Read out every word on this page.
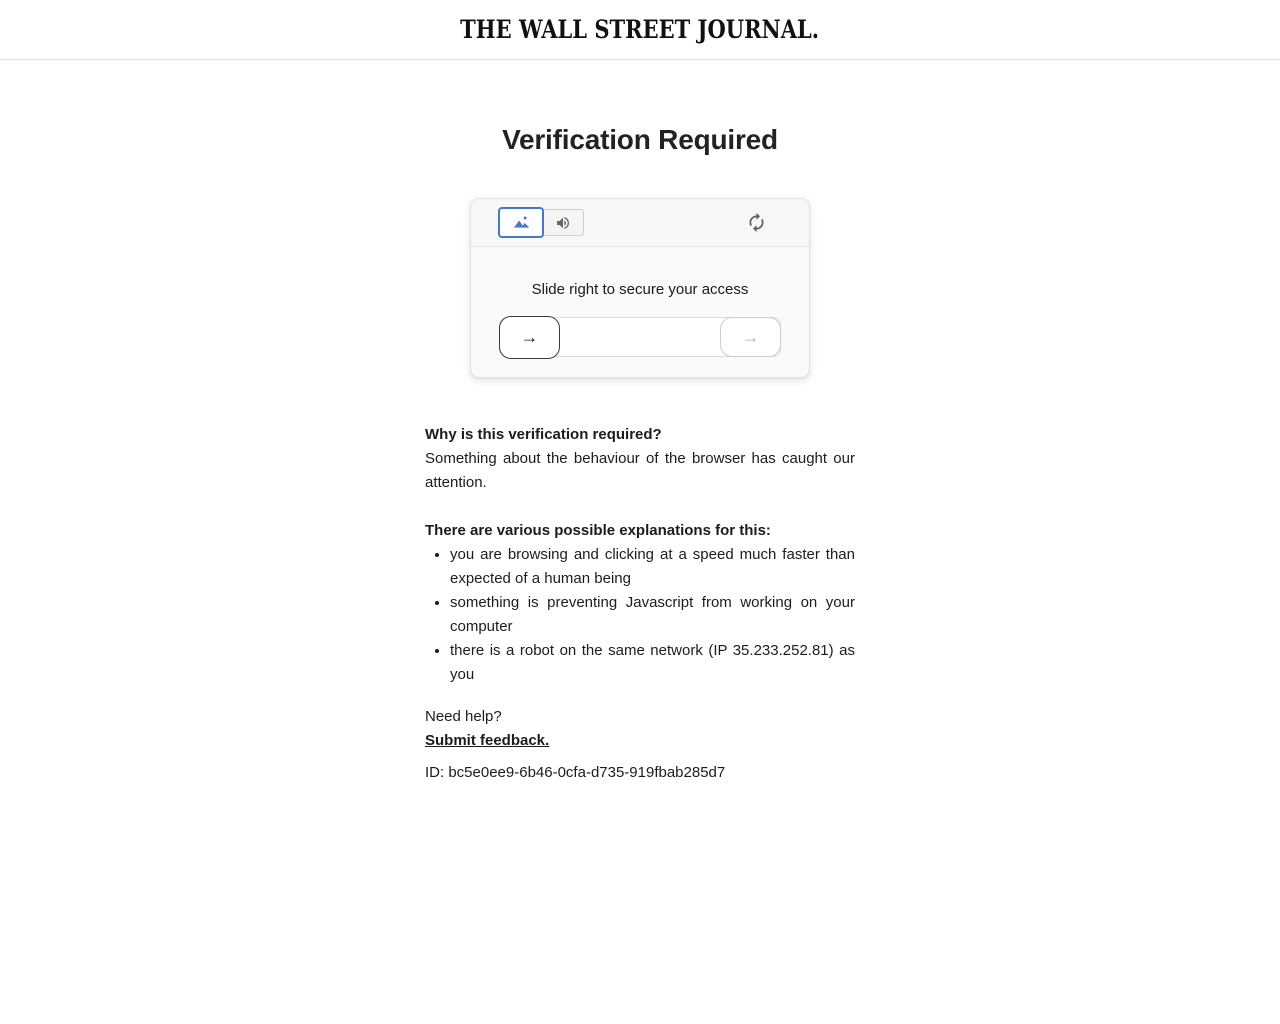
THE WALL STREET JOURNAL.
Verification Required
Slide right to secure your access
→	→

Why is this verification required?

Something about the behaviour of the browser has caught our attention.

There are various possible explanations for this:

• you are browsing and clicking at a speed much faster than expected of a human being
• something is preventing Javascript from working on your computer
• there is a robot on the same network (IP 35.233.252.81) as you

Need help?

Submit feedback.

ID: bc5e0ee9-6b46-0cfa-d735-919fbab285d7
